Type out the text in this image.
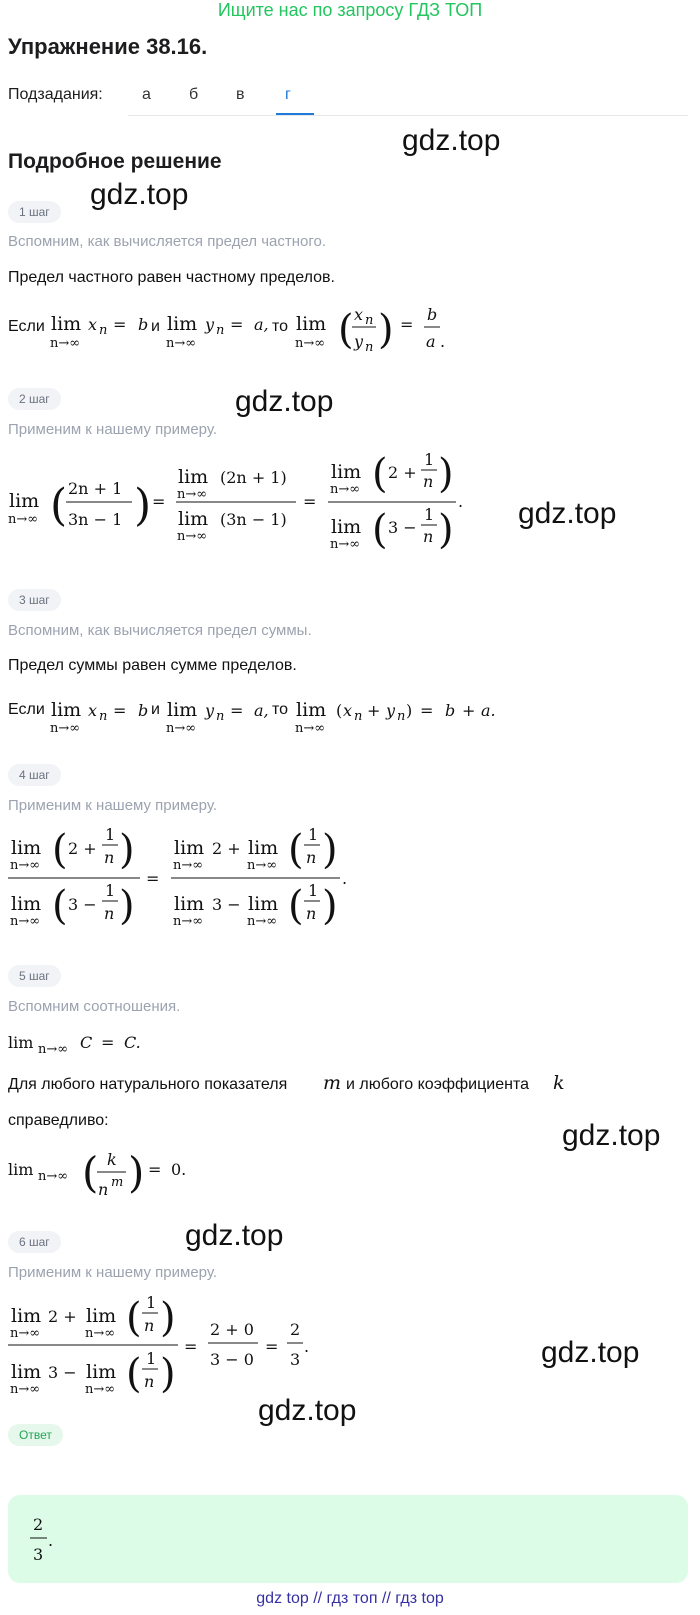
Ищите нас по запросу ГДЗ ТОП
Упражнение 38.16.
Подзадания: а б в	г
Подробное решение
gdz.top
gdz.top
gdz.top
gdz.top
gdz.top
gdz.top
gdz.top
gdz.top
1 шаг
Вспомним, как вычисляется предел частного.
Предел частного равен частному пределов.
Если	и	то
lim
n→∞
x n = b lim
n→∞
y n = a, lim
n→∞ ( x n
y n ) =
b
a .
2 шаг
Применим к нашему примеру.
lim
n→∞ ( 2n + 1
3n − 1 ) =
lim
n→∞
(2n + 1)
lim
n→∞
(3n − 1)
=
lim
n→∞ ( 2 +
1
n )
lim
n→∞ ( 3 −
1
n )
.
3 шаг
Вспомним, как вычисляется предел суммы.
Предел суммы равен сумме пределов.
Если	и	то
lim
n→∞
x n = b lim
n→∞
y n = a, lim
n→∞
( x n + y n ) = b + a.
4 шаг
Применим к нашему примеру.
lim
n→∞ ( 2 +
1
n )
lim
n→∞ ( 3 −
1
n )
=
lim
n→∞
2 + lim
n→∞ ( 1
n )
lim
n→∞
3 − lim
n→∞ ( 1
n )
.
5 шаг
Вспомним соотношения.
lim n→∞ C = C.
Для любого натурального показателя m и любого коэффициента k
справедливо:
lim n→∞ ( k
n m ) = 0.
6 шаг
Применим к нашему примеру.
lim
n→∞
2 + lim
n→∞ ( 1
n )
lim
n→∞
3 − lim
n→∞ ( 1
n )
=
2 + 0
3 − 0
=
2
3
.
Ответ
2
3
.
gdz top // гдз топ // гдз top
